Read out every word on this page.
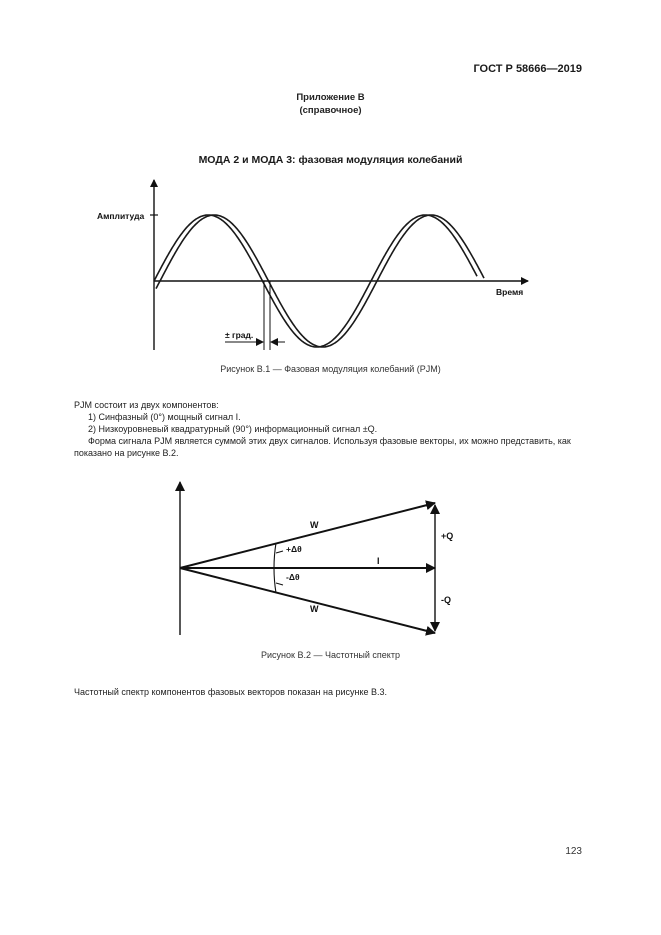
ГОСТ Р 58666—2019
Приложение В
(справочное)
МОДА 2 и МОДА 3: фазовая модуляция колебаний
Амплитуда
Время
± град.
Рисунок В.1 — Фазовая модуляция колебаний (PJM)

PJM состоит из двух компонентов:

1) Синфазный (0°) мощный сигнал I.

2) Низкоуровневый квадратурный (90°) информационный сигнал ±Q.

Форма сигнала PJM является суммой этих двух сигналов. Используя фазовые векторы, их можно представить, как показано на рисунке В.2.

W
+Δθ
I
-Δθ
W
+Q
-Q
Рисунок В.2 — Частотный спектр
Частотный спектр компонентов фазовых векторов показан на рисунке В.3.
123
